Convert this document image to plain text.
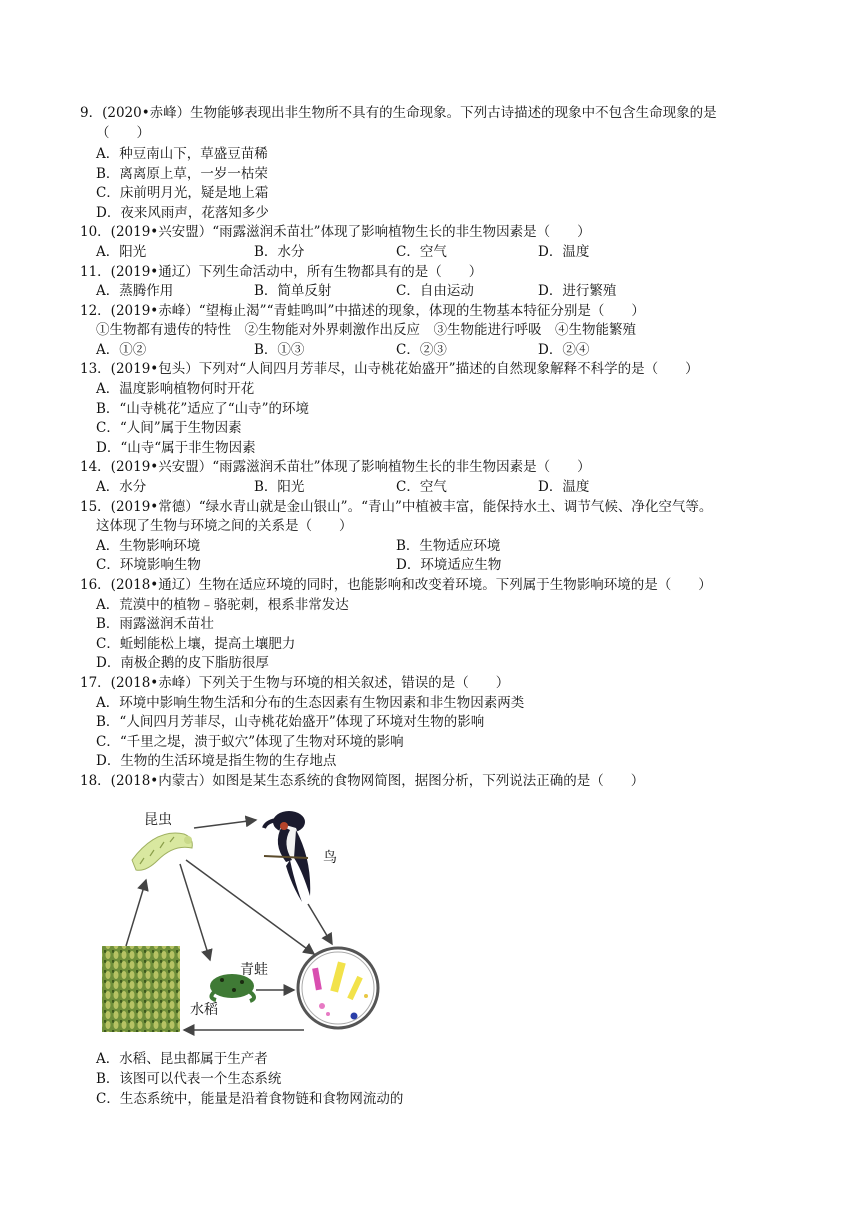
9．(2020•赤峰）生物能够表现出非生物所不具有的生命现象。下列古诗描述的现象中不包含生命现象的是
（　　）
A．种豆南山下，草盛豆苗稀
B．离离原上草，一岁一枯荣
C．床前明月光，疑是地上霜
D．夜来风雨声，花落知多少
10．(2019•兴安盟）“雨露滋润禾苗壮”体现了影响植物生长的非生物因素是（　　）
A．阳光	B．水分	C．空气	D．温度
11．(2019•通辽）下列生命活动中，所有生物都具有的是（　　）
A．蒸腾作用	B．简单反射	C．自由运动	D．进行繁殖
12．(2019•赤峰）“望梅止渴”“青蛙鸣叫”中描述的现象，体现的生物基本特征分别是（　　）
①生物都有遗传的特性　②生物能对外界刺激作出反应　③生物能进行呼吸　④生物能繁殖
A．①②	B．①③	C．②③	D．②④
13．(2019•包头）下列对“人间四月芳菲尽，山寺桃花始盛开”描述的自然现象解释不科学的是（　　）
A．温度影响植物何时开花
B．“山寺桃花”适应了“山寺”的环境
C．“人间”属于生物因素
D．“山寺“属于非生物因素
14．(2019•兴安盟）“雨露滋润禾苗壮”体现了影响植物生长的非生物因素是（　　）
A．水分	B．阳光	C．空气	D．温度
15．(2019•常德）“绿水青山就是金山银山”。“青山”中植被丰富，能保持水土、调节气候、净化空气等。
这体现了生物与环境之间的关系是（　　）
A．生物影响环境	B．生物适应环境
C．环境影响生物	D．环境适应生物
16．(2018•通辽）生物在适应环境的同时，也能影响和改变着环境。下列属于生物影响环境的是（　　）
A．荒漠中的植物﹣骆驼刺，根系非常发达
B．雨露滋润禾苗壮
C．蚯蚓能松上壤，提高土壤肥力
D．南极企鹅的皮下脂肪很厚
17．(2018•赤峰）下列关于生物与环境的相关叙述，错误的是（　　）
A．环境中影响生物生活和分布的生态因素有生物因素和非生物因素两类
B．“人间四月芳菲尽，山寺桃花始盛开”体现了环境对生物的影响
C．“千里之堤，溃于蚁穴”体现了生物对环境的影响
D．生物的生活环境是指生物的生存地点
18．(2018•内蒙古）如图是某生态系统的食物网简图，据图分析，下列说法正确的是（　　）
昆虫
鸟
水稻
青蛙
A．水稻、昆虫都属于生产者
B．该图可以代表一个生态系统
C．生态系统中，能量是沿着食物链和食物网流动的
